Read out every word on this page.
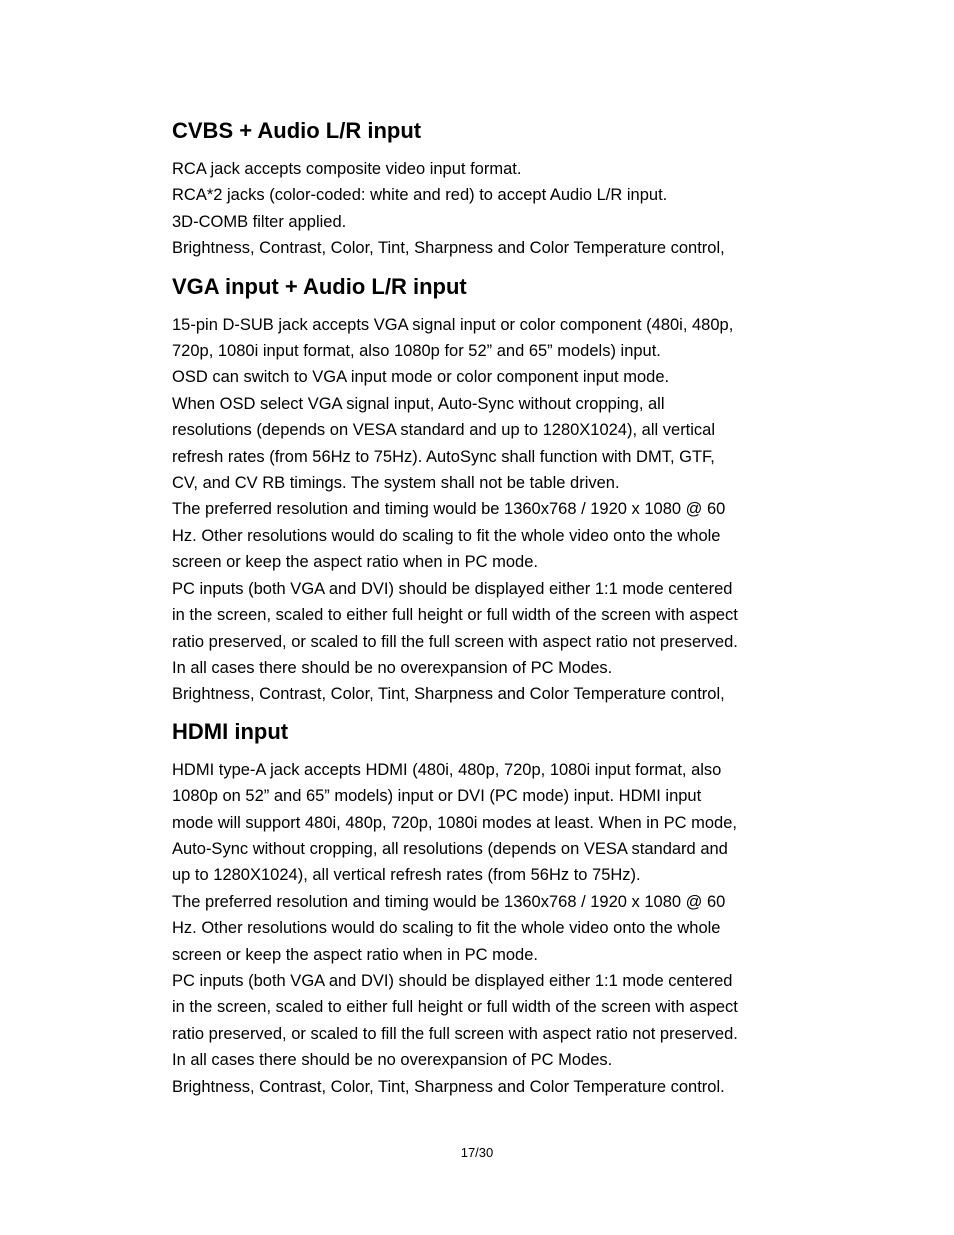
CVBS + Audio L/R input

RCA jack accepts composite video input format.

RCA*2 jacks (color-coded: white and red) to accept Audio L/R input.

3D-COMB filter applied.

Brightness, Contrast, Color, Tint, Sharpness and Color Temperature control,

VGA input + Audio L/R input

15-pin D-SUB jack accepts VGA signal input or color component (480i, 480p,

720p, 1080i input format, also 1080p for 52” and 65” models) input.

OSD can switch to VGA input mode or color component input mode.

When OSD select VGA signal input, Auto-Sync without cropping, all

resolutions (depends on VESA standard and up to 1280X1024), all vertical

refresh rates (from 56Hz to 75Hz). AutoSync shall function with DMT, GTF,

CV, and CV RB timings. The system shall not be table driven.

The preferred resolution and timing would be 1360x768 / 1920 x 1080 @ 60

Hz. Other resolutions would do scaling to fit the whole video onto the whole

screen or keep the aspect ratio when in PC mode.

PC inputs (both VGA and DVI) should be displayed either 1:1 mode centered

in the screen, scaled to either full height or full width of the screen with aspect

ratio preserved, or scaled to fill the full screen with aspect ratio not preserved.

In all cases there should be no overexpansion of PC Modes.

Brightness, Contrast, Color, Tint, Sharpness and Color Temperature control,

HDMI input

HDMI type-A jack accepts HDMI (480i, 480p, 720p, 1080i input format, also

1080p on 52” and 65” models) input or DVI (PC mode) input. HDMI input

mode will support 480i, 480p, 720p, 1080i modes at least. When in PC mode,

Auto-Sync without cropping, all resolutions (depends on VESA standard and

up to 1280X1024), all vertical refresh rates (from 56Hz to 75Hz).

The preferred resolution and timing would be 1360x768 / 1920 x 1080 @ 60

Hz. Other resolutions would do scaling to fit the whole video onto the whole

screen or keep the aspect ratio when in PC mode.

PC inputs (both VGA and DVI) should be displayed either 1:1 mode centered

in the screen, scaled to either full height or full width of the screen with aspect

ratio preserved, or scaled to fill the full screen with aspect ratio not preserved.

In all cases there should be no overexpansion of PC Modes.

Brightness, Contrast, Color, Tint, Sharpness and Color Temperature control.

17/30
